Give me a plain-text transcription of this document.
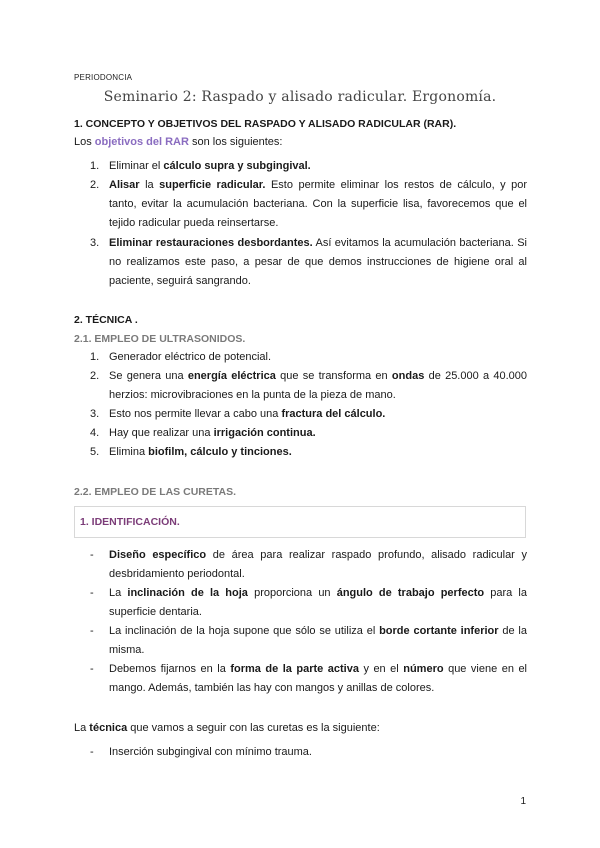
PERIODONCIA
Seminario 2: Raspado y alisado radicular. Ergonomía.
1. CONCEPTO Y OBJETIVOS DEL RASPADO Y ALISADO RADICULAR (RAR).
Los objetivos del RAR son los siguientes:
1. Eliminar el cálculo supra y subgingival.
2. Alisar la superficie radicular. Esto permite eliminar los restos de cálculo, y por tanto, evitar la acumulación bacteriana. Con la superficie lisa, favorecemos que el tejido radicular pueda reinsertarse.
3. Eliminar restauraciones desbordantes. Así evitamos la acumulación bacteriana. Si no realizamos este paso, a pesar de que demos instrucciones de higiene oral al paciente, seguirá sangrando.
2. TÉCNICA .
2.1. EMPLEO DE ULTRASONIDOS.
1. Generador eléctrico de potencial.
2. Se genera una energía eléctrica que se transforma en ondas de 25.000 a 40.000 herzios: microvibraciones en la punta de la pieza de mano.
3. Esto nos permite llevar a cabo una fractura del cálculo.
4. Hay que realizar una irrigación continua.
5. Elimina biofilm, cálculo y tinciones.
2.2. EMPLEO DE LAS CURETAS.
1. IDENTIFICACIÓN.
-	Diseño específico de área para realizar raspado profundo, alisado radicular y desbridamiento periodontal.
-	La inclinación de la hoja proporciona un ángulo de trabajo perfecto para la superficie dentaria.
-	La inclinación de la hoja supone que sólo se utiliza el borde cortante inferior de la misma.
-	Debemos fijarnos en la forma de la parte activa y en el número que viene en el mango. Además, también las hay con mangos y anillas de colores.
La técnica que vamos a seguir con las curetas es la siguiente:
-	Inserción subgingival con mínimo trauma.
1
